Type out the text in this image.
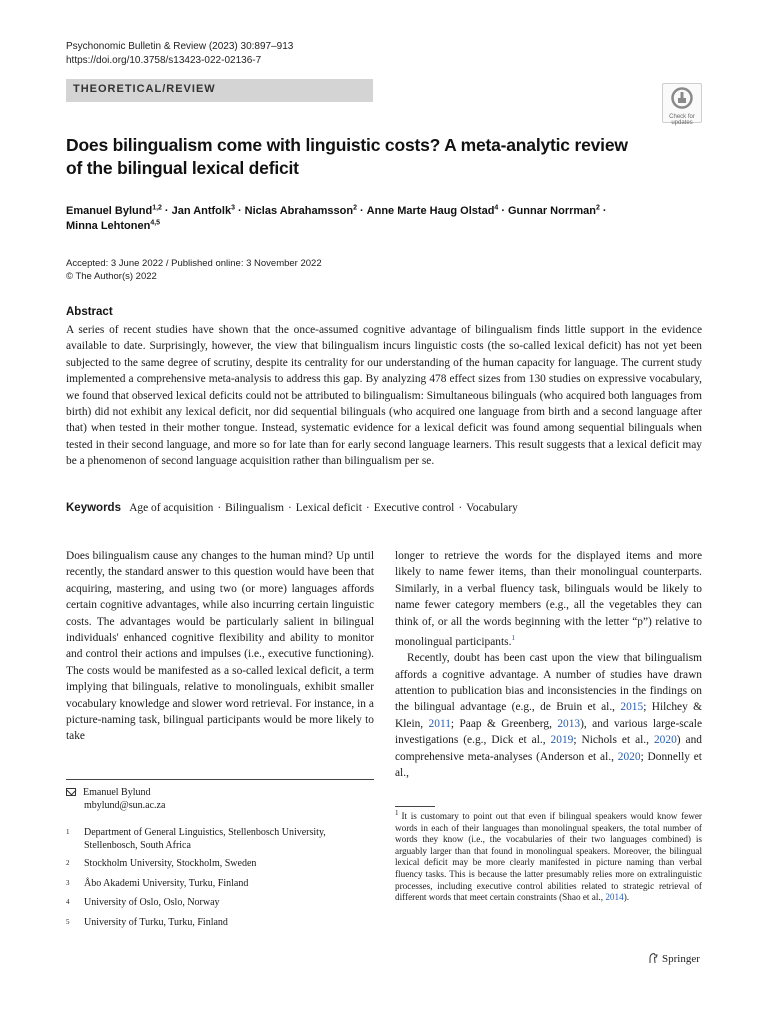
Psychonomic Bulletin & Review (2023) 30:897–913
https://doi.org/10.3758/s13423-022-02136-7
THEORETICAL/REVIEW
Check for
updates
Does bilingualism come with linguistic costs? A meta-analytic review
of the bilingual lexical deficit
Emanuel Bylund$^{1,2}$ · Jan Antfolk$^3$ · Niclas Abrahamsson$^2$ · Anne Marte Haug Olstad$^4$ · Gunnar Norrman$^2$ ·
Minna Lehtonen$^{4,5}$
Accepted: 3 June 2022 / Published online: 3 November 2022
© The Author(s) 2022
Abstract
A series of recent studies have shown that the once-assumed cognitive advantage of bilingualism finds little support in the evidence available to date. Surprisingly, however, the view that bilingualism incurs linguistic costs (the so-called lexical deficit) has not yet been subjected to the same degree of scrutiny, despite its centrality for our understanding of the human capacity for language. The current study implemented a comprehensive meta-analysis to address this gap. By analyzing 478 effect sizes from 130 studies on expressive vocabulary, we found that observed lexical deficits could not be attributed to bilingualism: Simultaneous bilinguals (who acquired both languages from birth) did not exhibit any lexical deficit, nor did sequential bilinguals (who acquired one language from birth and a second language after that) when tested in their mother tongue. Instead, systematic evidence for a lexical deficit was found among sequential bilinguals when tested in their second language, and more so for late than for early second language learners. This result suggests that a lexical deficit may be a phenomenon of second language acquisition rather than bilingualism per se.
Keywords Age of acquisition · Bilingualism · Lexical deficit · Executive control · Vocabulary

Does bilingualism cause any changes to the human mind? Up until recently, the standard answer to this question would have been that acquiring, mastering, and using two (or more) languages affords certain cognitive advantages, while also incurring certain linguistic costs. The advantages would be particularly salient in bilingual individuals' enhanced cognitive flexibility and ability to monitor and control their actions and impulses (i.e., executive functioning). The costs would be manifested as a so-called lexical deficit, a term implying that bilinguals, relative to monolinguals, exhibit smaller vocabulary knowledge and slower word retrieval. For instance, in a picture-naming task, bilingual participants would be more likely to take

longer to retrieve the words for the displayed items and more likely to name fewer items, than their monolingual counterparts. Similarly, in a verbal fluency task, bilinguals would be likely to name fewer category members (e.g., all the vegetables they can think of, or all the words beginning with the letter “p”) relative to monolingual participants.$^1$

Recently, doubt has been cast upon the view that bilingualism affords a cognitive advantage. A number of studies have drawn attention to publication bias and inconsistencies in the findings on the bilingual advantage (e.g., de Bruin et al., 2015; Hilchey & Klein, 2011; Paap & Greenberg, 2013), and various large-scale investigations (e.g., Dick et al., 2019; Nichols et al., 2020) and comprehensive meta-analyses (Anderson et al., 2020; Donnelly et al.,

Emanuel Bylund
mbylund@sun.ac.za
1	Department of General Linguistics, Stellenbosch University, Stellenbosch, South Africa
2	Stockholm University, Stockholm, Sweden
3	Åbo Akademi University, Turku, Finland
4	University of Oslo, Oslo, Norway
5	University of Turku, Turku, Finland
$^1$ It is customary to point out that even if bilingual speakers would know fewer words in each of their languages than monolingual speakers, the total number of words they know (i.e., the vocabularies of their two languages combined) is arguably larger than that found in monolingual speakers. Moreover, the bilingual lexical deficit may be more clearly manifested in picture naming than verbal fluency tasks. This is because the latter presumably relies more on extralinguistic processes, including executive control abilities related to strategic retrieval of different words that meet certain constraints (Shao et al., 2014).
Springer
